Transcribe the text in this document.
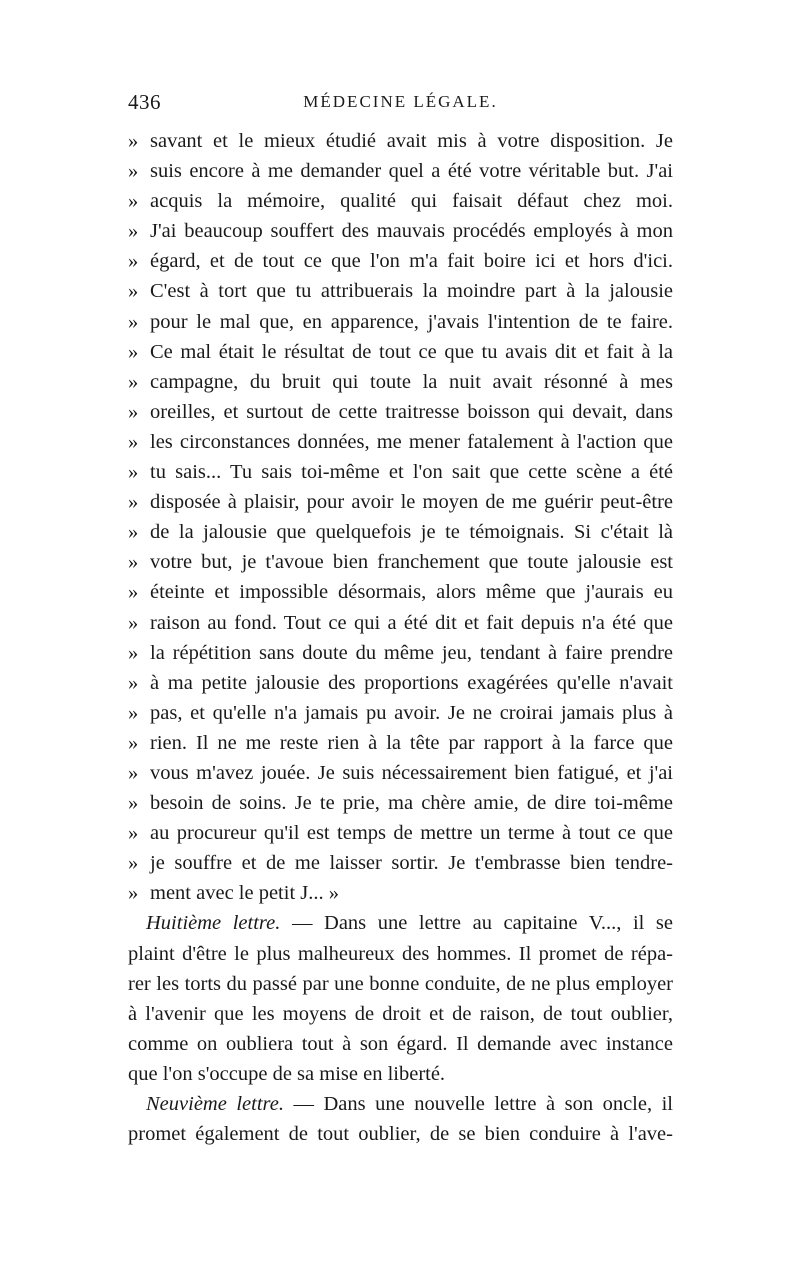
436	MÉDECINE LÉGALE.
» savant et le mieux étudié avait mis à votre disposition. Je
» suis encore à me demander quel a été votre véritable but. J'ai
» acquis la mémoire, qualité qui faisait défaut chez moi.
» J'ai beaucoup souffert des mauvais procédés employés à mon
» égard, et de tout ce que l'on m'a fait boire ici et hors d'ici.
» C'est à tort que tu attribuerais la moindre part à la jalousie
» pour le mal que, en apparence, j'avais l'intention de te faire.
» Ce mal était le résultat de tout ce que tu avais dit et fait à la
» campagne, du bruit qui toute la nuit avait résonné à mes
» oreilles, et surtout de cette traitresse boisson qui devait, dans
» les circonstances données, me mener fatalement à l'action que
» tu sais... Tu sais toi-même et l'on sait que cette scène a été
» disposée à plaisir, pour avoir le moyen de me guérir peut-être
» de la jalousie que quelquefois je te témoignais. Si c'était là
» votre but, je t'avoue bien franchement que toute jalousie est
» éteinte et impossible désormais, alors même que j'aurais eu
» raison au fond. Tout ce qui a été dit et fait depuis n'a été que
» la répétition sans doute du même jeu, tendant à faire prendre
» à ma petite jalousie des proportions exagérées qu'elle n'avait
» pas, et qu'elle n'a jamais pu avoir. Je ne croirai jamais plus à
» rien. Il ne me reste rien à la tête par rapport à la farce que
» vous m'avez jouée. Je suis nécessairement bien fatigué, et j'ai
» besoin de soins. Je te prie, ma chère amie, de dire toi-même
» au procureur qu'il est temps de mettre un terme à tout ce que
» je souffre et de me laisser sortir. Je t'embrasse bien tendre-
» ment avec le petit J... »
Huitième lettre. — Dans une lettre au capitaine V..., il se
plaint d'être le plus malheureux des hommes. Il promet de répa-
rer les torts du passé par une bonne conduite, de ne plus employer
à l'avenir que les moyens de droit et de raison, de tout oublier,
comme on oubliera tout à son égard. Il demande avec instance
que l'on s'occupe de sa mise en liberté.
Neuvième lettre. — Dans une nouvelle lettre à son oncle, il
promet également de tout oublier, de se bien conduire à l'ave-
